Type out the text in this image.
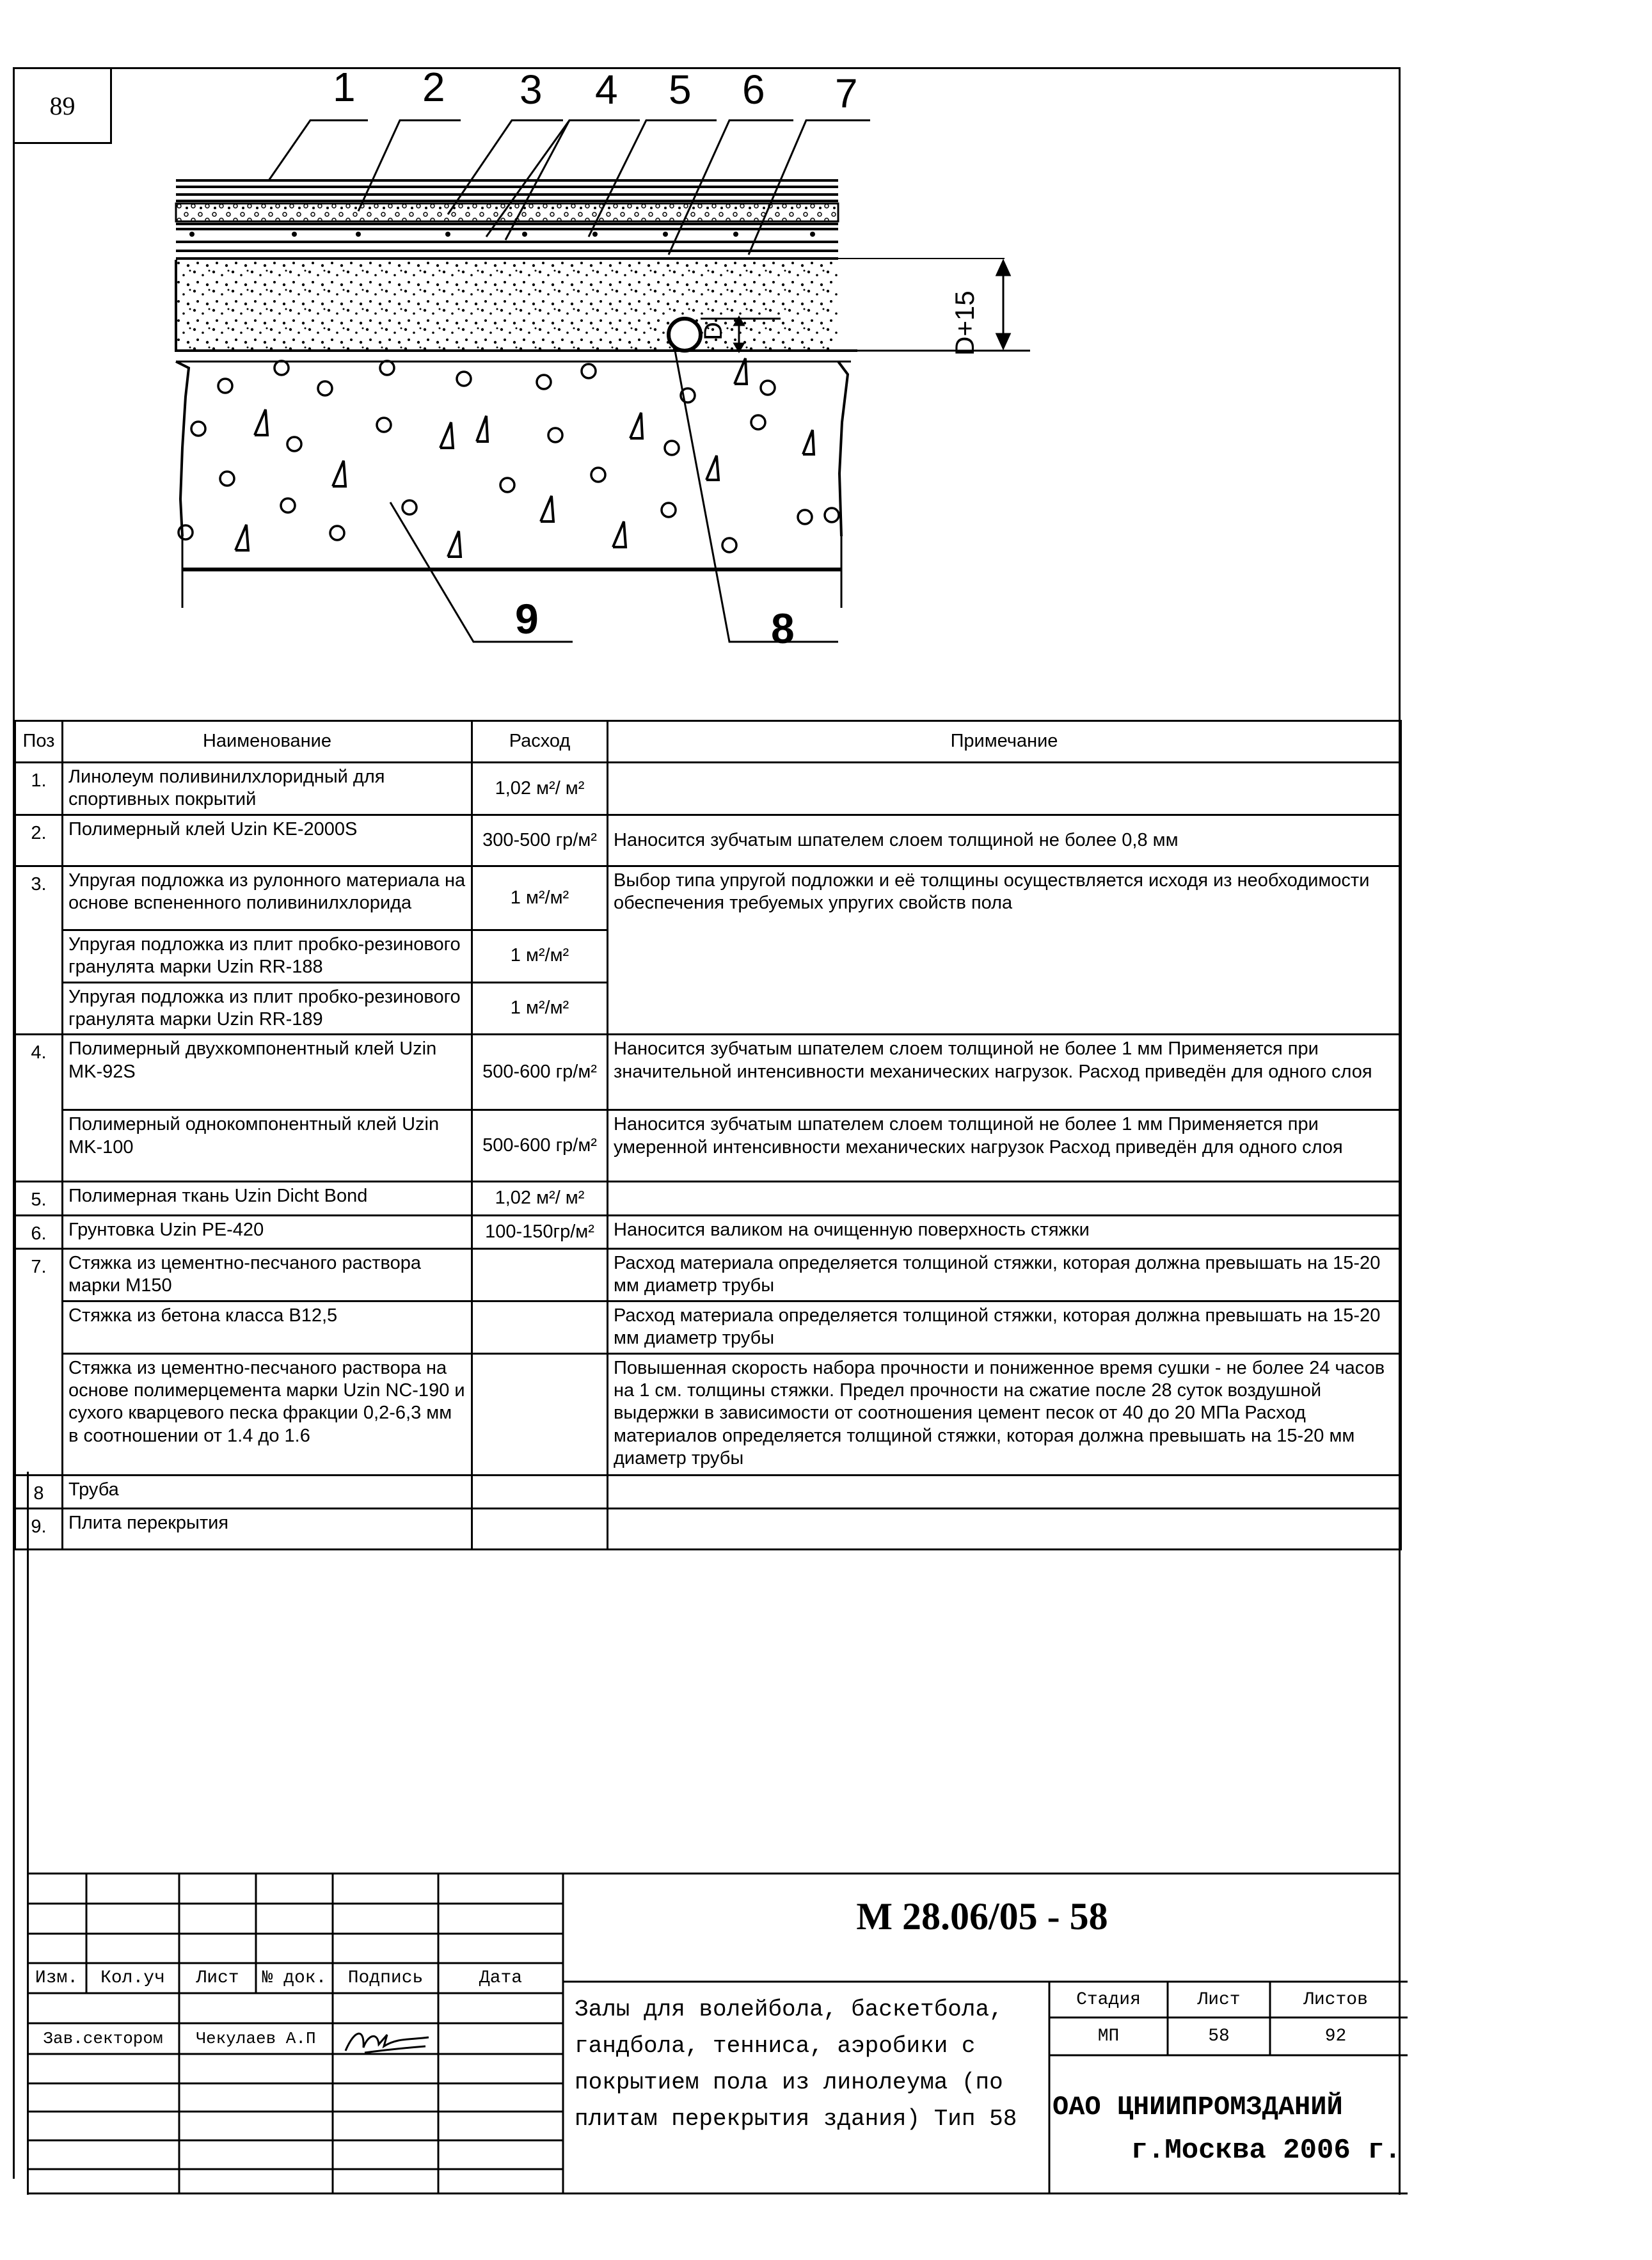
89
D	D+15
1 2 3 4 5 6 7
9	8
Поз	Наименование	Расход	Примечание
1.	Линолеум поливинилхлоридный для спортивных покрытий	1,02 м²/ м²	
2.	Полимерный клей Uzin KE-2000S	300-500 гр/м²	Наносится зубчатым шпателем слоем толщиной не более 0,8 мм
3.	Упругая подложка из рулонного материала на основе вспененного поливинилхлорида	1 м²/м²	Выбор типа упругой подложки и её толщины осуществляется исходя из необходимости обеспечения требуемых упругих свойств пола
	Упругая подложка из плит пробко-резинового гранулята марки Uzin RR-188	1 м²/м²	
	Упругая подложка из плит пробко-резинового гранулята марки Uzin RR-189	1 м²/м²	
4.	Полимерный двухкомпонентный клей Uzin MK-92S	500-600 гр/м²	Наносится зубчатым шпателем слоем толщиной не более 1 мм Применяется при значительной интенсивности механических нагрузок. Расход приведён для одного слоя
	Полимерный однокомпонентный клей Uzin MK-100	500-600 гр/м²	Наносится зубчатым шпателем слоем толщиной не более 1 мм Применяется при умеренной интенсивности механических нагрузок Расход приведён для одного слоя
5.	Полимерная ткань Uzin Dicht Bond	1,02 м²/ м²	
6.	Грунтовка Uzin PE-420	100-150гр/м²	Наносится валиком на очищенную поверхность стяжки
7.	Стяжка из цементно-песчаного раствора марки М150		Расход материала определяется толщиной стяжки, которая должна превышать на 15-20 мм диаметр трубы
	Стяжка из бетона класса В12,5		Расход материала определяется толщиной стяжки, которая должна превышать на 15-20 мм диаметр трубы
	Стяжка из цементно-песчаного раствора на основе полимерцемента марки Uzin NC-190 и сухого кварцевого песка фракции 0,2-6,3 мм в соотношении от 1.4 до 1.6		Повышенная скорость набора прочности и пониженное время сушки - не более 24 часов на 1 см. толщины стяжки. Предел прочности на сжатие после 28 суток воздушной выдержки в зависимости от соотношения цемент песок от 40 до 20 МПа Расход материалов определяется толщиной стяжки, которая должна превышать на 15-20 мм диаметр трубы
8	Труба		
9.	Плита перекрытия		
М 28.06/05 - 58
Изм.	Кол.уч	Лист	№ док.	Подпись	Дата
Зав.сектором	Чекулаев А.П
Залы для волейбола, баскетбола, гандбола, тенниса, аэробики с покрытием пола из линолеума (по плитам перекрытия здания) Тип 58
Стадия	Лист	Листов
МП	58	92
ОАО ЦНИИПРОМЗДАНИЙ
г.Москва 2006 г.
